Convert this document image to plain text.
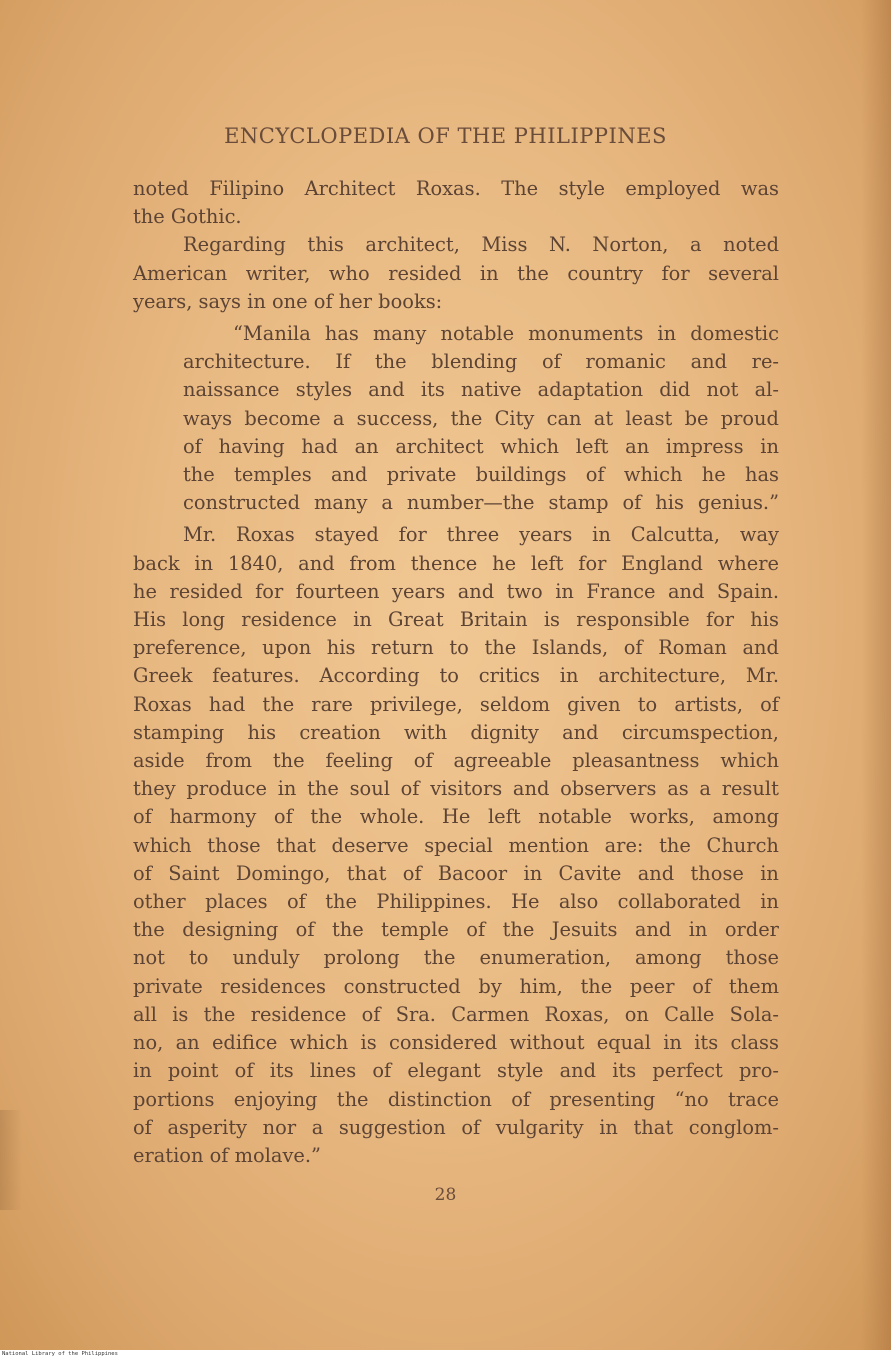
ENCYCLOPEDIA OF THE PHILIPPINES
noted Filipino Architect Roxas. The style employed was
the Gothic.
Regarding this architect, Miss N. Norton, a noted
American writer, who resided in the country for several
years, says in one of her books:
“Manila has many notable monuments in domestic
architecture. If the blending of romanic and re-
naissance styles and its native adaptation did not al-
ways become a success, the City can at least be proud
of having had an architect which left an impress in
the temples and private buildings of which he has
constructed many a number—the stamp of his genius.”
Mr. Roxas stayed for three years in Calcutta, way
back in 1840, and from thence he left for England where
he resided for fourteen years and two in France and Spain.
His long residence in Great Britain is responsible for his
preference, upon his return to the Islands, of Roman and
Greek features. According to critics in architecture, Mr.
Roxas had the rare privilege, seldom given to artists, of
stamping his creation with dignity and circumspection,
aside from the feeling of agreeable pleasantness which
they produce in the soul of visitors and observers as a result
of harmony of the whole. He left notable works, among
which those that deserve special mention are: the Church
of Saint Domingo, that of Bacoor in Cavite and those in
other places of the Philippines. He also collaborated in
the designing of the temple of the Jesuits and in order
not to unduly prolong the enumeration, among those
private residences constructed by him, the peer of them
all is the residence of Sra. Carmen Roxas, on Calle Sola-
no, an edifice which is considered without equal in its class
in point of its lines of elegant style and its perfect pro-
portions enjoying the distinction of presenting “no trace
of asperity nor a suggestion of vulgarity in that conglom-
eration of molave.”
28
National Library of the Philippines
